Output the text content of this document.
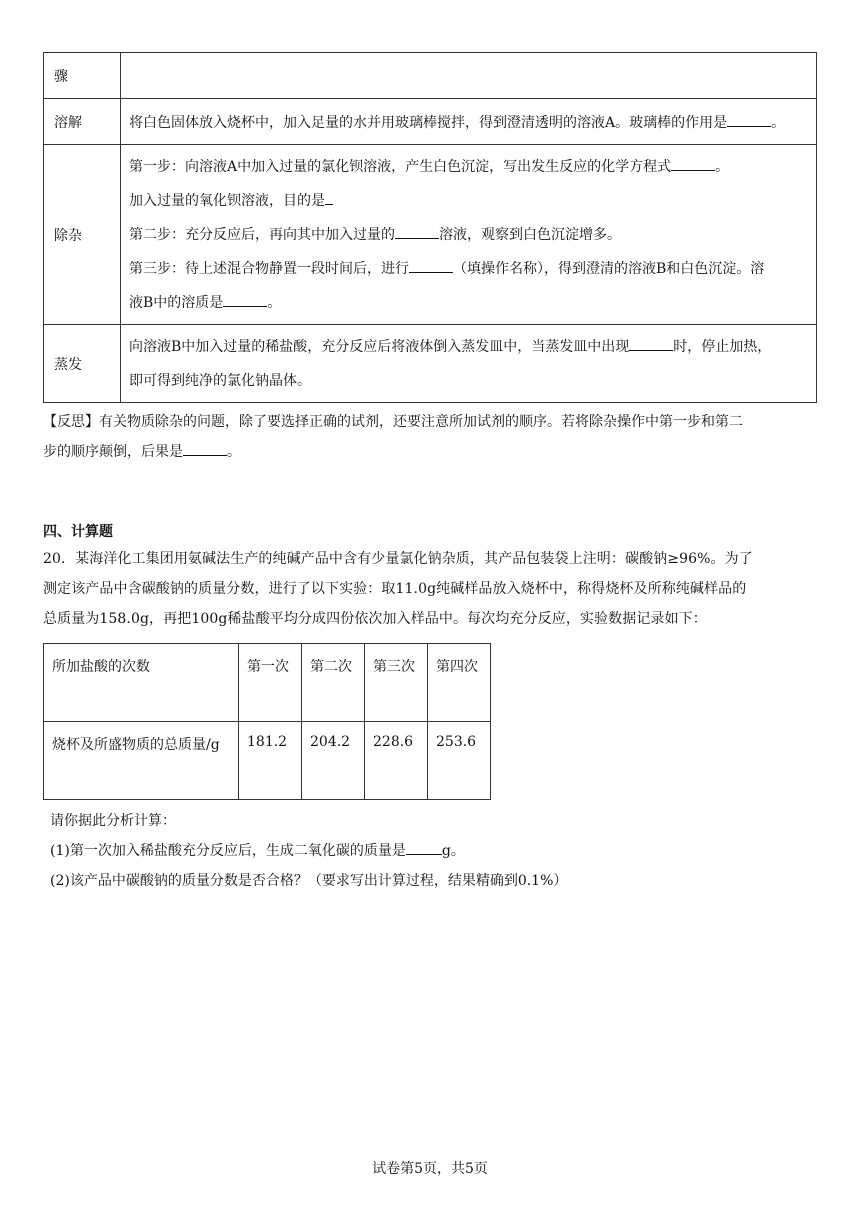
骤	
溶解	将白色固体放入烧杯中，加入足量的水并用玻璃棒搅拌，得到澄清透明的溶液A。玻璃棒的作用是 。
除杂	第一步：向溶液A中加入过量的氯化钡溶液，产生白色沉淀，写出发生反应的化学方程式 。
加入过量的氧化钡溶液，目的是
第二步：充分反应后，再向其中加入过量的 溶液，观察到白色沉淀增多。
第三步：待上述混合物静置一段时间后，进行 （填操作名称），得到澄清的溶液B和白色沉淀。溶
液B中的溶质是 。

蒸发	向溶液B中加入过量的稀盐酸，充分反应后将液体倒入蒸发皿中，当蒸发皿中出现 时，停止加热，
即可得到纯净的氯化钠晶体。
【反思】有关物质除杂的问题，除了要选择正确的试剂，还要注意所加试剂的顺序。若将除杂操作中第一步和第二
步的顺序颠倒，后果是	。
四、计算题
20．某海洋化工集团用氨碱法生产的纯碱产品中含有少量氯化钠杂质，其产品包装袋上注明：碳酸钠≥96%。为了
测定该产品中含碳酸钠的质量分数，进行了以下实验：取11.0g纯碱样品放入烧杯中，称得烧杯及所称纯碱样品的
总质量为158.0g，再把100g稀盐酸平均分成四份依次加入样品中。每次均充分反应，实验数据记录如下：
所加盐酸的次数	第一次	第二次	第三次	第四次
烧杯及所盛物质的总质量/g	181.2	204.2	228.6	253.6
请你据此分析计算：
(1)第一次加入稀盐酸充分反应后，生成二氧化碳的质量是	g。
(2)该产品中碳酸钠的质量分数是否合格？（要求写出计算过程，结果精确到0.1%）
试卷第5页，共5页
